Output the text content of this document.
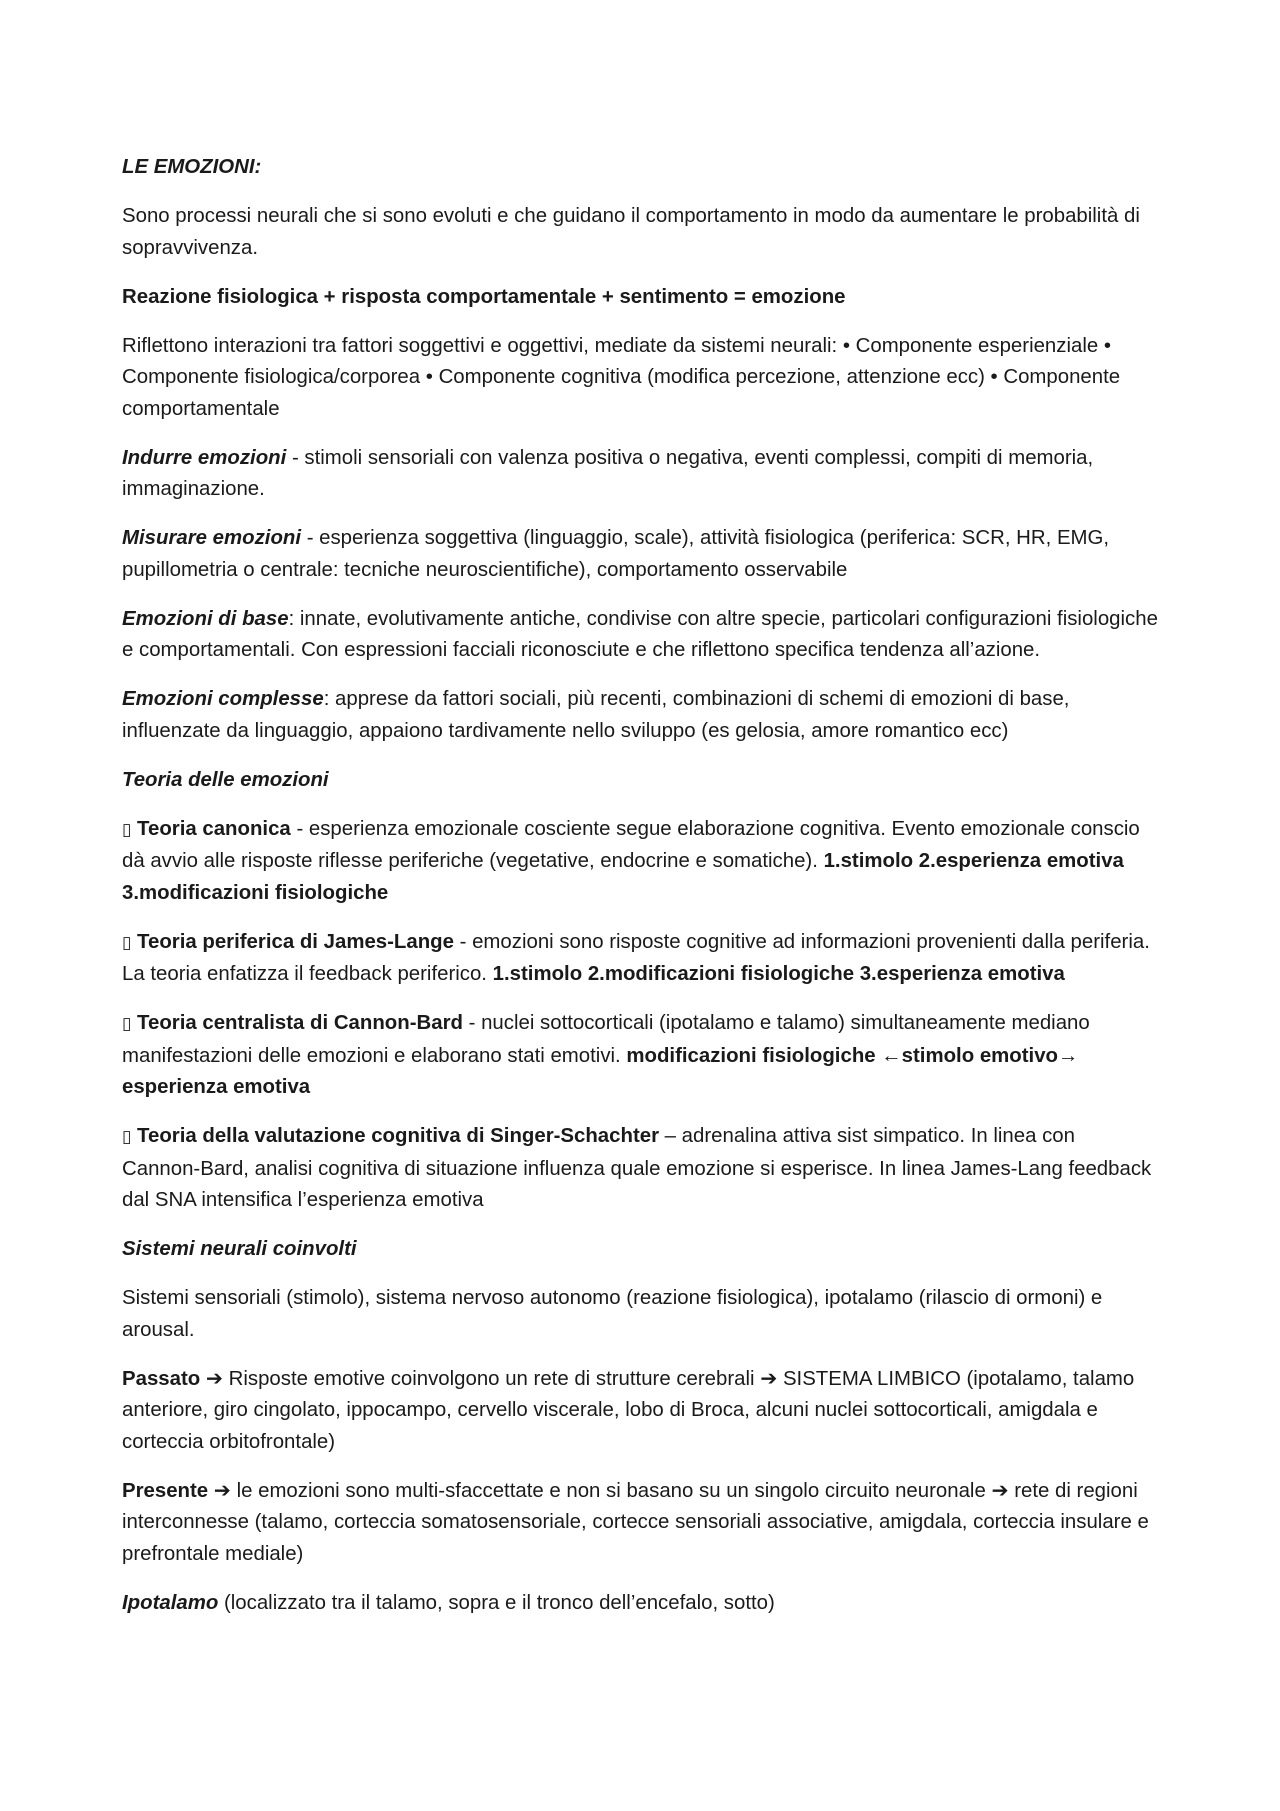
LE EMOZIONI:

Sono processi neurali che si sono evoluti e che guidano il comportamento in modo da aumentare le probabilità di sopravvivenza.

Reazione fisiologica + risposta comportamentale + sentimento = emozione

Riflettono interazioni tra fattori soggettivi e oggettivi, mediate da sistemi neurali: • Componente esperienziale • Componente fisiologica/corporea • Componente cognitiva (modifica percezione, attenzione ecc) • Componente comportamentale

Indurre emozioni - stimoli sensoriali con valenza positiva o negativa, eventi complessi, compiti di memoria, immaginazione.

Misurare emozioni - esperienza soggettiva (linguaggio, scale), attività fisiologica (periferica: SCR, HR, EMG, pupillometria o centrale: tecniche neuroscientifiche), comportamento osservabile

Emozioni di base: innate, evolutivamente antiche, condivise con altre specie, particolari configurazioni fisiologiche e comportamentali. Con espressioni facciali riconosciute e che riflettono specifica tendenza all’azione.

Emozioni complesse: apprese da fattori sociali, più recenti, combinazioni di schemi di emozioni di base, influenzate da linguaggio, appaiono tardivamente nello sviluppo (es gelosia, amore romantico ecc)

Teoria delle emozioni

▯ Teoria canonica - esperienza emozionale cosciente segue elaborazione cognitiva. Evento emozionale conscio dà avvio alle risposte riflesse periferiche (vegetative, endocrine e somatiche). 1.stimolo 2.esperienza emotiva 3.modificazioni fisiologiche

▯ Teoria periferica di James-Lange - emozioni sono risposte cognitive ad informazioni provenienti dalla periferia. La teoria enfatizza il feedback periferico. 1.stimolo 2.modificazioni fisiologiche 3.esperienza emotiva

▯ Teoria centralista di Cannon-Bard - nuclei sottocorticali (ipotalamo e talamo) simultaneamente mediano manifestazioni delle emozioni e elaborano stati emotivi. modificazioni fisiologiche ←stimolo emotivo→ esperienza emotiva

▯ Teoria della valutazione cognitiva di Singer-Schachter – adrenalina attiva sist simpatico. In linea con Cannon-Bard, analisi cognitiva di situazione influenza quale emozione si esperisce. In linea James-Lang feedback dal SNA intensifica l’esperienza emotiva

Sistemi neurali coinvolti

Sistemi sensoriali (stimolo), sistema nervoso autonomo (reazione fisiologica), ipotalamo (rilascio di ormoni) e arousal.

Passato ➔ Risposte emotive coinvolgono un rete di strutture cerebrali ➔ SISTEMA LIMBICO (ipotalamo, talamo anteriore, giro cingolato, ippocampo, cervello viscerale, lobo di Broca, alcuni nuclei sottocorticali, amigdala e corteccia orbitofrontale)

Presente ➔ le emozioni sono multi-sfaccettate e non si basano su un singolo circuito neuronale ➔ rete di regioni interconnesse (talamo, corteccia somatosensoriale, cortecce sensoriali associative, amigdala, corteccia insulare e prefrontale mediale)

Ipotalamo (localizzato tra il talamo, sopra e il tronco dell’encefalo, sotto)
